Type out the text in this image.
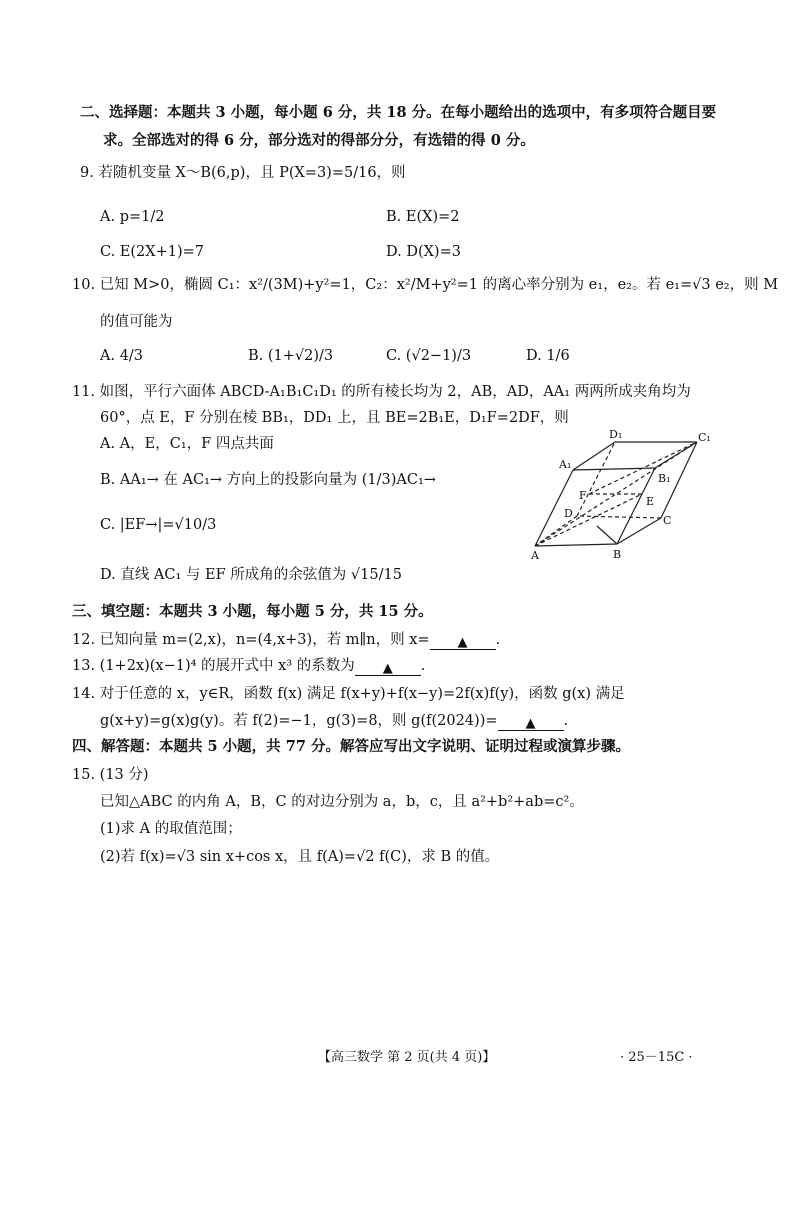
二、选择题：本题共 3 小题，每小题 6 分，共 18 分。在每小题给出的选项中，有多项符合题目要
求。全部选对的得 6 分，部分选对的得部分分，有选错的得 0 分。
9. 若随机变量 X～B(6,p)，且 P(X=3)=5/16，则
A. p=1/2	B. E(X)=2
C. E(2X+1)=7	D. D(X)=3
10. 已知 M>0，椭圆 C₁：x²/(3M)+y²=1，C₂：x²/M+y²=1 的离心率分别为 e₁，e₂。若 e₁=√3 e₂，则 M
的值可能为
A. 4/3	B. (1+√2)/3	C. (√2−1)/3	D. 1/6
11. 如图，平行六面体 ABCD-A₁B₁C₁D₁ 的所有棱长均为 2，AB，AD，AA₁ 两两所成夹角均为
60°，点 E，F 分别在棱 BB₁，DD₁ 上，且 BE=2B₁E，D₁F=2DF，则
A. A，E，C₁，F 四点共面
B. AA₁→ 在 AC₁→ 方向上的投影向量为 (1/3)AC₁→
C. |EF→|=√10/3
D. 直线 AC₁ 与 EF 所成角的余弦值为 √15/15
D₁	C₁
A₁
B₁
F	E
D
C
A	B
三、填空题：本题共 3 小题，每小题 5 分，共 15 分。
12. 已知向量 m=(2,x)，n=(4,x+3)，若 m∥n，则 x= ▲ .
13. (1+2x)(x−1)⁴ 的展开式中 x³ 的系数为 ▲ .
14. 对于任意的 x，y∈R，函数 f(x) 满足 f(x+y)+f(x−y)=2f(x)f(y)，函数 g(x) 满足
g(x+y)=g(x)g(y)。若 f(2)=−1，g(3)=8，则 g(f(2024))= ▲ .
四、解答题：本题共 5 小题，共 77 分。解答应写出文字说明、证明过程或演算步骤。
15. (13 分)
已知△ABC 的内角 A，B，C 的对边分别为 a，b，c，且 a²+b²+ab=c²。
(1)求 A 的取值范围；
(2)若 f(x)=√3 sin x+cos x，且 f(A)=√2 f(C)，求 B 的值。
【高三数学 第 2 页(共 4 页)】	· 25－15C ·
